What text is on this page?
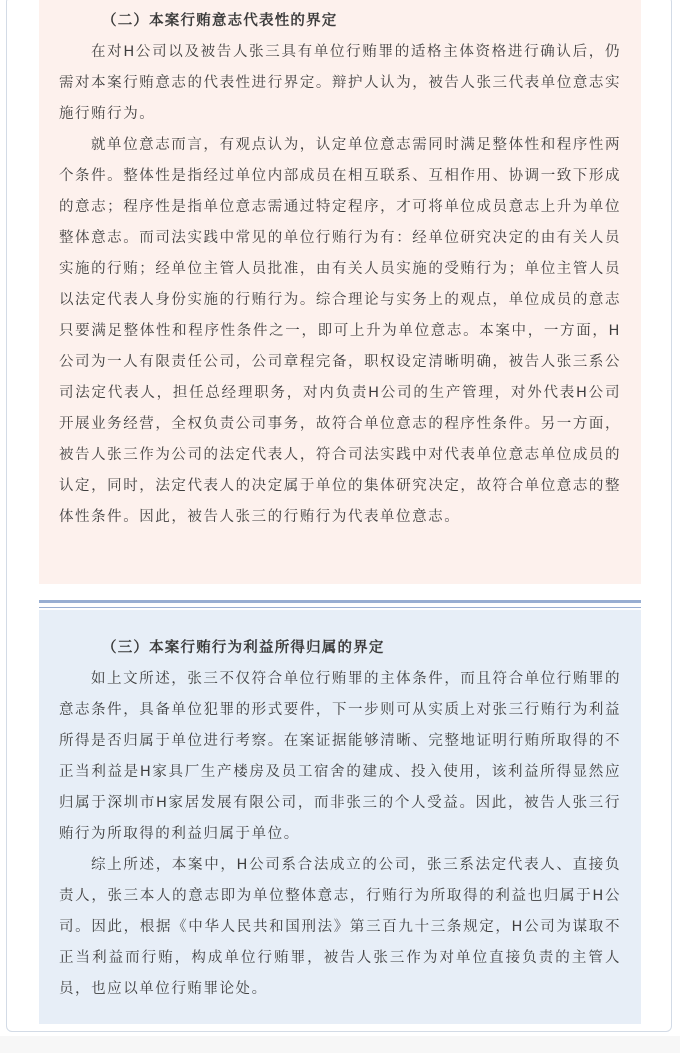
（二）本案行贿意志代表性的界定

在对H公司以及被告人张三具有单位行贿罪的适格主体资格进行确认后，仍需对本案行贿意志的代表性进行界定。辩护人认为，被告人张三代表单位意志实施行贿行为。

就单位意志而言，有观点认为，认定单位意志需同时满足整体性和程序性两个条件。整体性是指经过单位内部成员在相互联系、互相作用、协调一致下形成的意志；程序性是指单位意志需通过特定程序，才可将单位成员意志上升为单位整体意志。而司法实践中常见的单位行贿行为有：经单位研究决定的由有关人员实施的行贿；经单位主管人员批准，由有关人员实施的受贿行为；单位主管人员以法定代表人身份实施的行贿行为。综合理论与实务上的观点，单位成员的意志只要满足整体性和程序性条件之一，即可上升为单位意志。本案中，一方面，H公司为一人有限责任公司，公司章程完备，职权设定清晰明确，被告人张三系公司法定代表人，担任总经理职务，对内负责H公司的生产管理，对外代表H公司开展业务经营，全权负责公司事务，故符合单位意志的程序性条件。另一方面，被告人张三作为公司的法定代表人，符合司法实践中对代表单位意志单位成员的认定，同时，法定代表人的决定属于单位的集体研究决定，故符合单位意志的整体性条件。因此，被告人张三的行贿行为代表单位意志。

（三）本案行贿行为利益所得归属的界定

如上文所述，张三不仅符合单位行贿罪的主体条件，而且符合单位行贿罪的意志条件，具备单位犯罪的形式要件，下一步则可从实质上对张三行贿行为利益所得是否归属于单位进行考察。在案证据能够清晰、完整地证明行贿所取得的不正当利益是H家具厂生产楼房及员工宿舍的建成、投入使用，该利益所得显然应归属于深圳市H家居发展有限公司，而非张三的个人受益。因此，被告人张三行贿行为所取得的利益归属于单位。

综上所述，本案中，H公司系合法成立的公司，张三系法定代表人、直接负责人，张三本人的意志即为单位整体意志，行贿行为所取得的利益也归属于H公司。因此，根据《中华人民共和国刑法》第三百九十三条规定，H公司为谋取不正当利益而行贿，构成单位行贿罪，被告人张三作为对单位直接负责的主管人员，也应以单位行贿罪论处。
